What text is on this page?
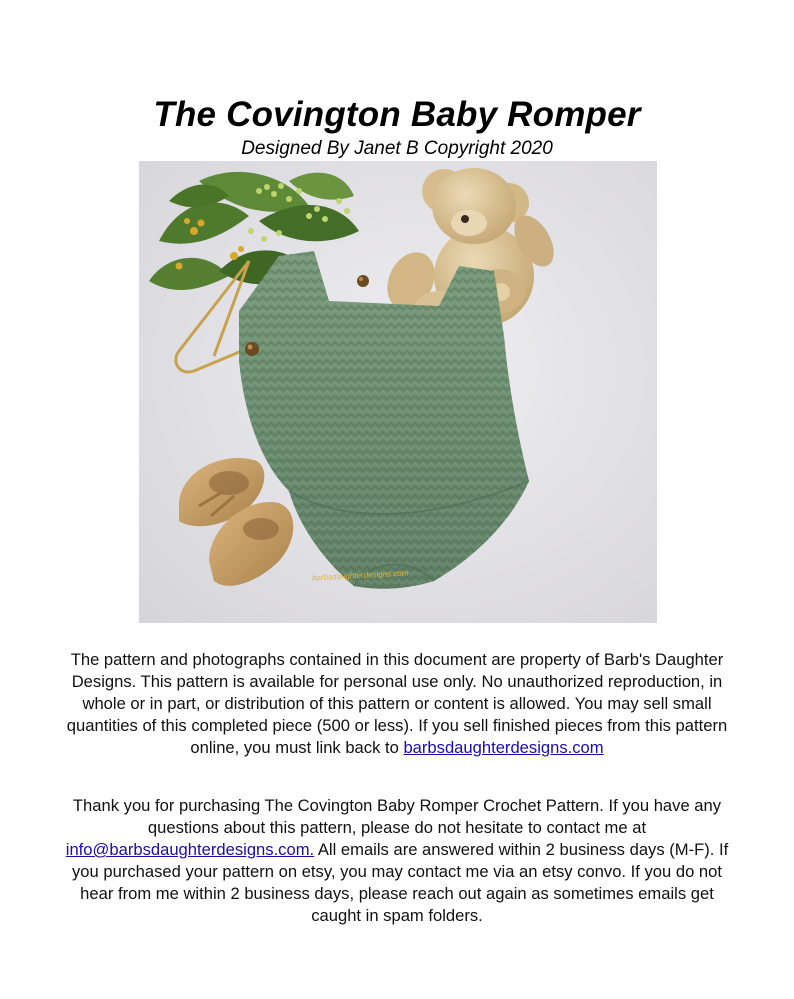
The Covington Baby Romper
Designed By Janet B Copyright 2020
barbsdaughterdesigns.com
The pattern and photographs contained in this document are property of Barb's Daughter Designs. This pattern is available for personal use only. No unauthorized reproduction, in whole or in part, or distribution of this pattern or content is allowed. You may sell small quantities of this completed piece (500 or less). If you sell finished pieces from this pattern online, you must link back to barbsdaughterdesigns.com
Thank you for purchasing The Covington Baby Romper Crochet Pattern. If you have any questions about this pattern, please do not hesitate to contact me at info@barbsdaughterdesigns.com. All emails are answered within 2 business days (M-F). If you purchased your pattern on etsy, you may contact me via an etsy convo. If you do not hear from me within 2 business days, please reach out again as sometimes emails get caught in spam folders.
